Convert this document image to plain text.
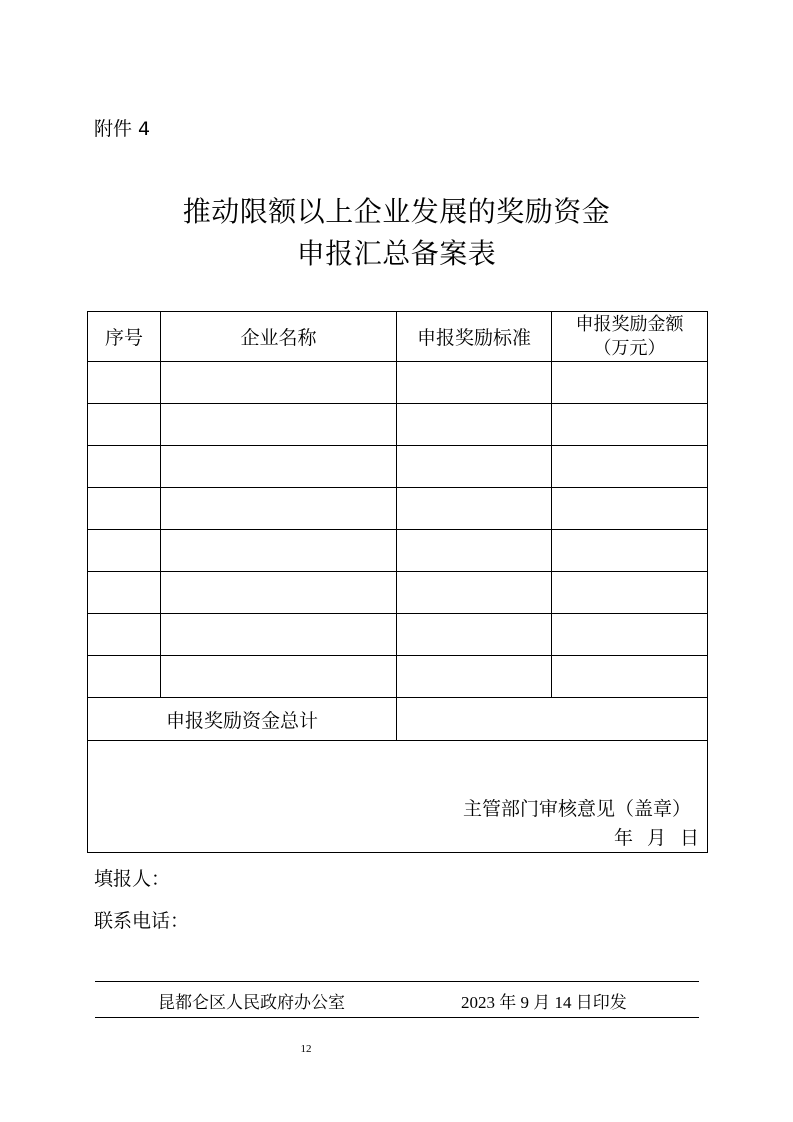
附件 4
推动限额以上企业发展的奖励资金
申报汇总备案表
序号	企业名称	申报奖励标准	申报奖励金额
（万元）

申报奖励资金总计			

主管部门审核意见（盖章）
年 月 日			
填报人：
联系电话：
昆都仑区人民政府办公室	2023 年 9 月 14 日印发
12
